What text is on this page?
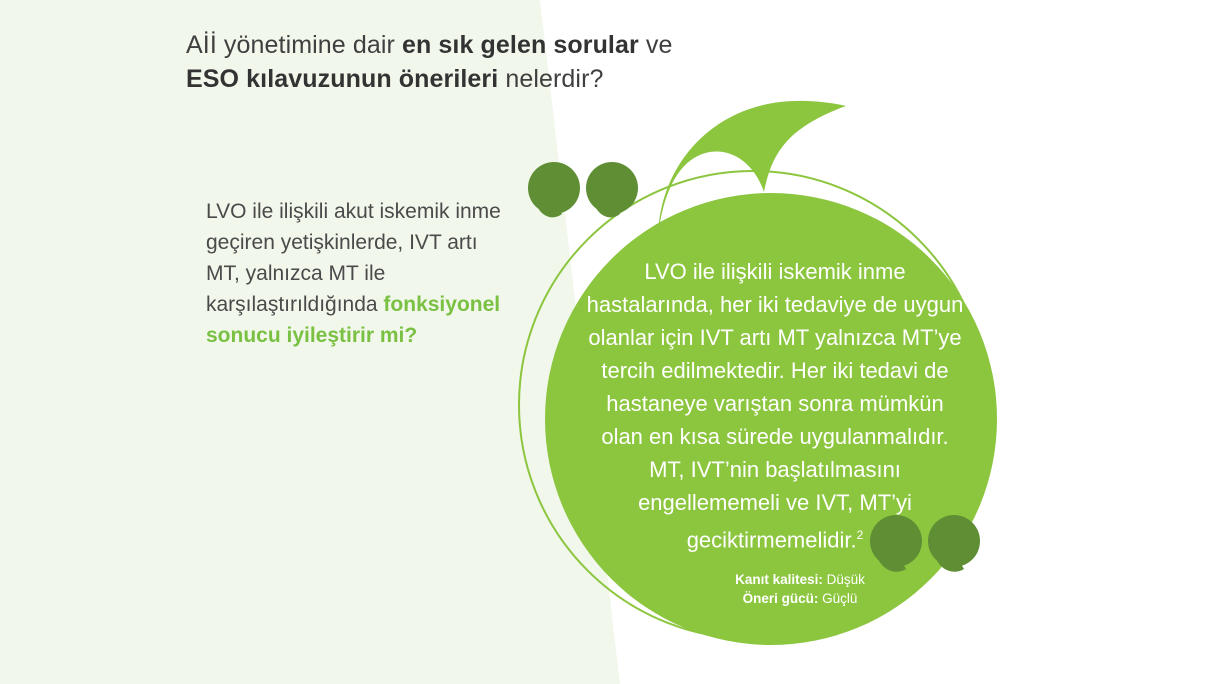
Aİİ yönetimine dair en sık gelen sorular ve
ESO kılavuzunun önerileri nelerdir?
LVO ile ilişkili akut iskemik inme geçiren yetişkinlerde, IVT artı MT, yalnızca MT ile karşılaştırıldığında fonksiyonel sonucu iyileştirir mi?
LVO ile ilişkili iskemik inme hastalarında, her iki tedaviye de uygun olanlar için IVT artı MT yalnızca MT’ye tercih edilmektedir. Her iki tedavi de hastaneye varıştan sonra mümkün olan en kısa sürede uygulanmalıdır. MT, IVT’nin başlatılmasını engellememeli ve IVT, MT’yi geciktirmemelidir.$^2$
Kanıt kalitesi: Düşük
Öneri gücü: Güçlü
